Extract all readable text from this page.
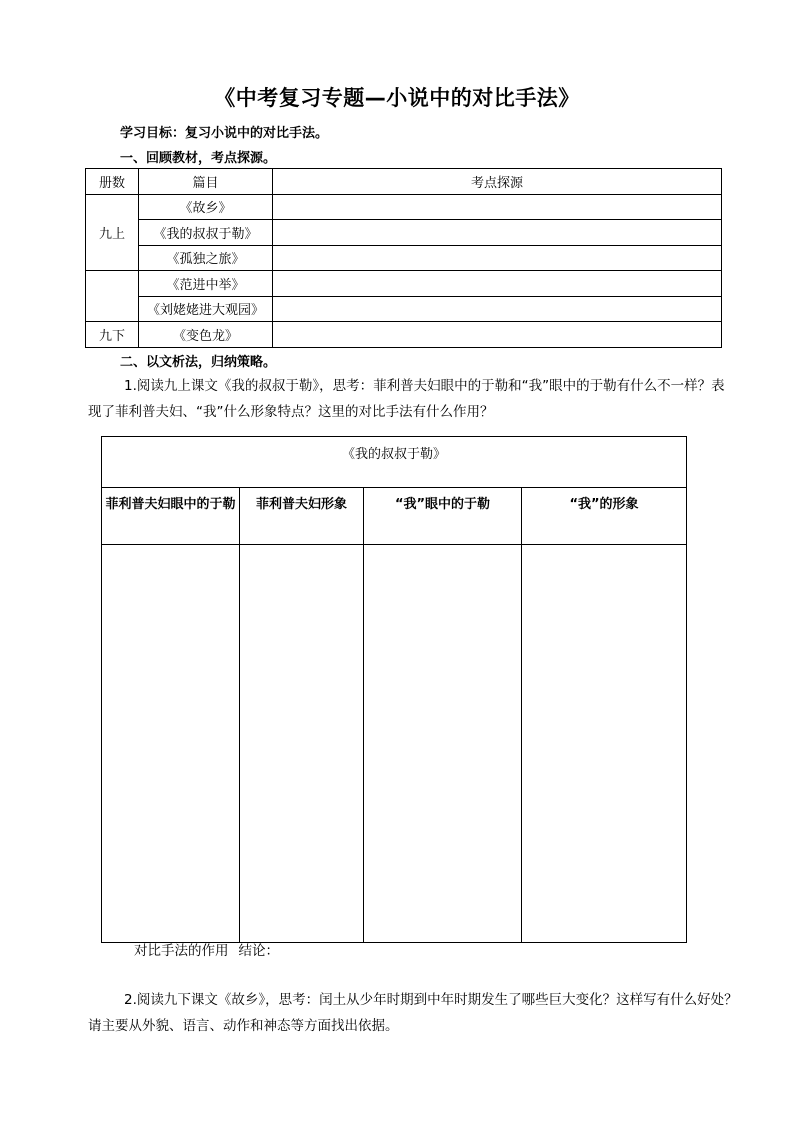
《中考复习专题—小说中的对比手法》
学习目标：复习小说中的对比手法。
一、回顾教材，考点探源。
册数	篇目	考点探源
九上	《故乡》	
	《我的叔叔于勒》	
	《孤独之旅》	
	《范进中举》	
	《刘姥姥进大观园》	
九下	《变色龙》	
二、以文析法，归纳策略。
1.阅读九上课文《我的叔叔于勒》，思考：菲利普夫妇眼中的于勒和“我”眼中的于勒有什么不一样？表现了菲利普夫妇、“我”什么形象特点？这里的对比手法有什么作用？
《我的叔叔于勒》			
菲利普夫妇眼中的于勒	菲利普夫妇形象	“我”眼中的于勒	“我”的形象

对比手法的作用 结论：
2.阅读九下课文《故乡》，思考：闰土从少年时期到中年时期发生了哪些巨大变化？这样写有什么好处？请主要从外貌、语言、动作和神态等方面找出依据。
